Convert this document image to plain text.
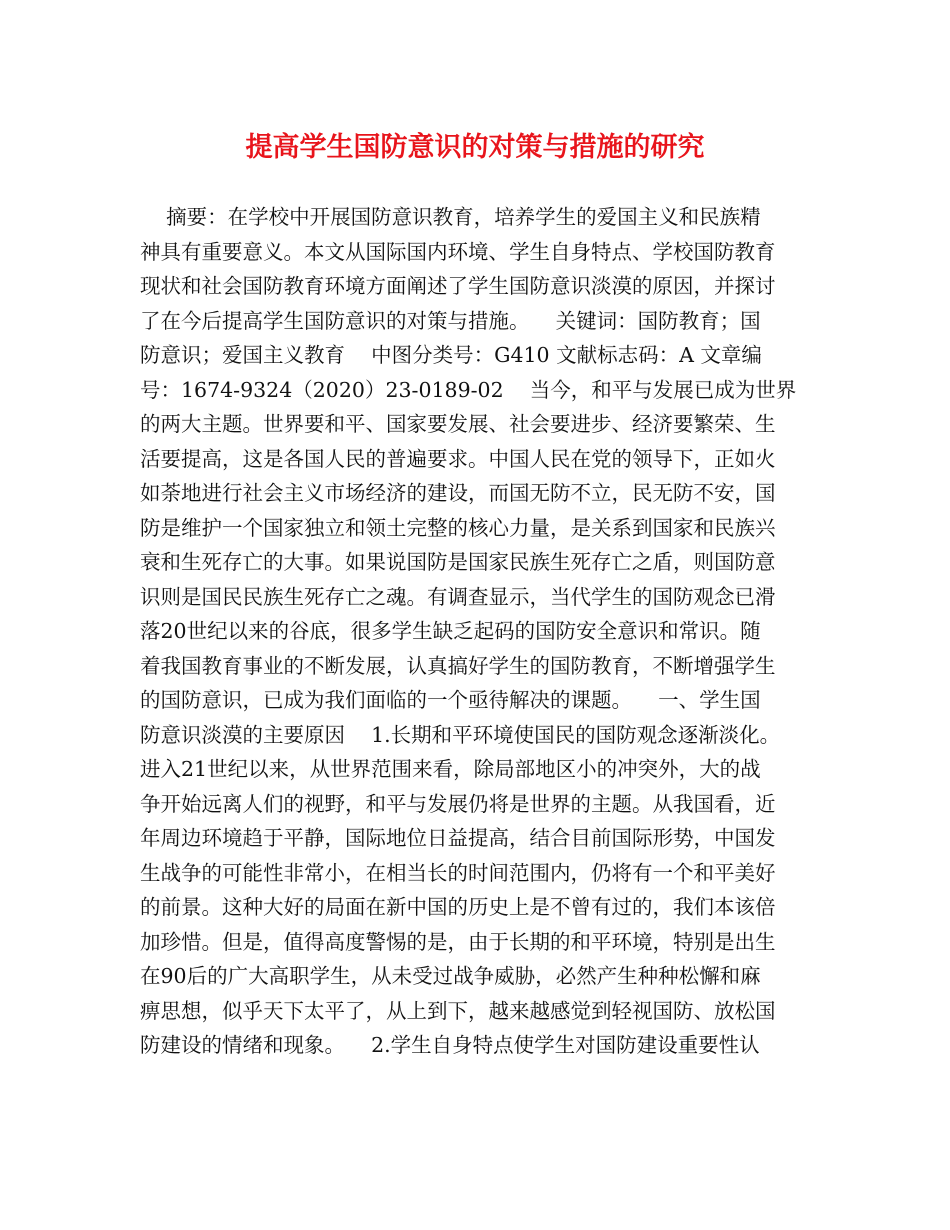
提高学生国防意识的对策与措施的研究
摘要：在学校中开展国防意识教育，培养学生的爱国主义和民族精
神具有重要意义。本文从国际国内环境、学生自身特点、学校国防教育
现状和社会国防教育环境方面阐述了学生国防意识淡漠的原因，并探讨
了在今后提高学生国防意识的对策与措施。    关键词：国防教育；国
防意识；爱国主义教育    中图分类号：G410 文献标志码：A 文章编
号：1674-9324（2020）23-0189-02    当今，和平与发展已成为世界
的两大主题。世界要和平、国家要发展、社会要进步、经济要繁荣、生
活要提高，这是各国人民的普遍要求。中国人民在党的领导下，正如火
如荼地进行社会主义市场经济的建设，而国无防不立，民无防不安，国
防是维护一个国家独立和领土完整的核心力量，是关系到国家和民族兴
衰和生死存亡的大事。如果说国防是国家民族生死存亡之盾，则国防意
识则是国民民族生死存亡之魂。有调查显示，当代学生的国防观念已滑
落20世纪以来的谷底，很多学生缺乏起码的国防安全意识和常识。随
着我国教育事业的不断发展，认真搞好学生的国防教育，不断增强学生
的国防意识，已成为我们面临的一个亟待解决的课题。    一、学生国
防意识淡漠的主要原因    1.长期和平环境使国民的国防观念逐渐淡化。
进入21世纪以来，从世界范围来看，除局部地区小的冲突外，大的战
争开始远离人们的视野，和平与发展仍将是世界的主题。从我国看，近
年周边环境趋于平静，国际地位日益提高，结合目前国际形势，中国发
生战争的可能性非常小，在相当长的时间范围内，仍将有一个和平美好
的前景。这种大好的局面在新中国的历史上是不曾有过的，我们本该倍
加珍惜。但是，值得高度警惕的是，由于长期的和平环境，特别是出生
在90后的广大高职学生，从未受过战争威胁，必然产生种种松懈和麻
痹思想，似乎天下太平了，从上到下，越来越感觉到轻视国防、放松国
防建设的情绪和现象。    2.学生自身特点使学生对国防建设重要性认
